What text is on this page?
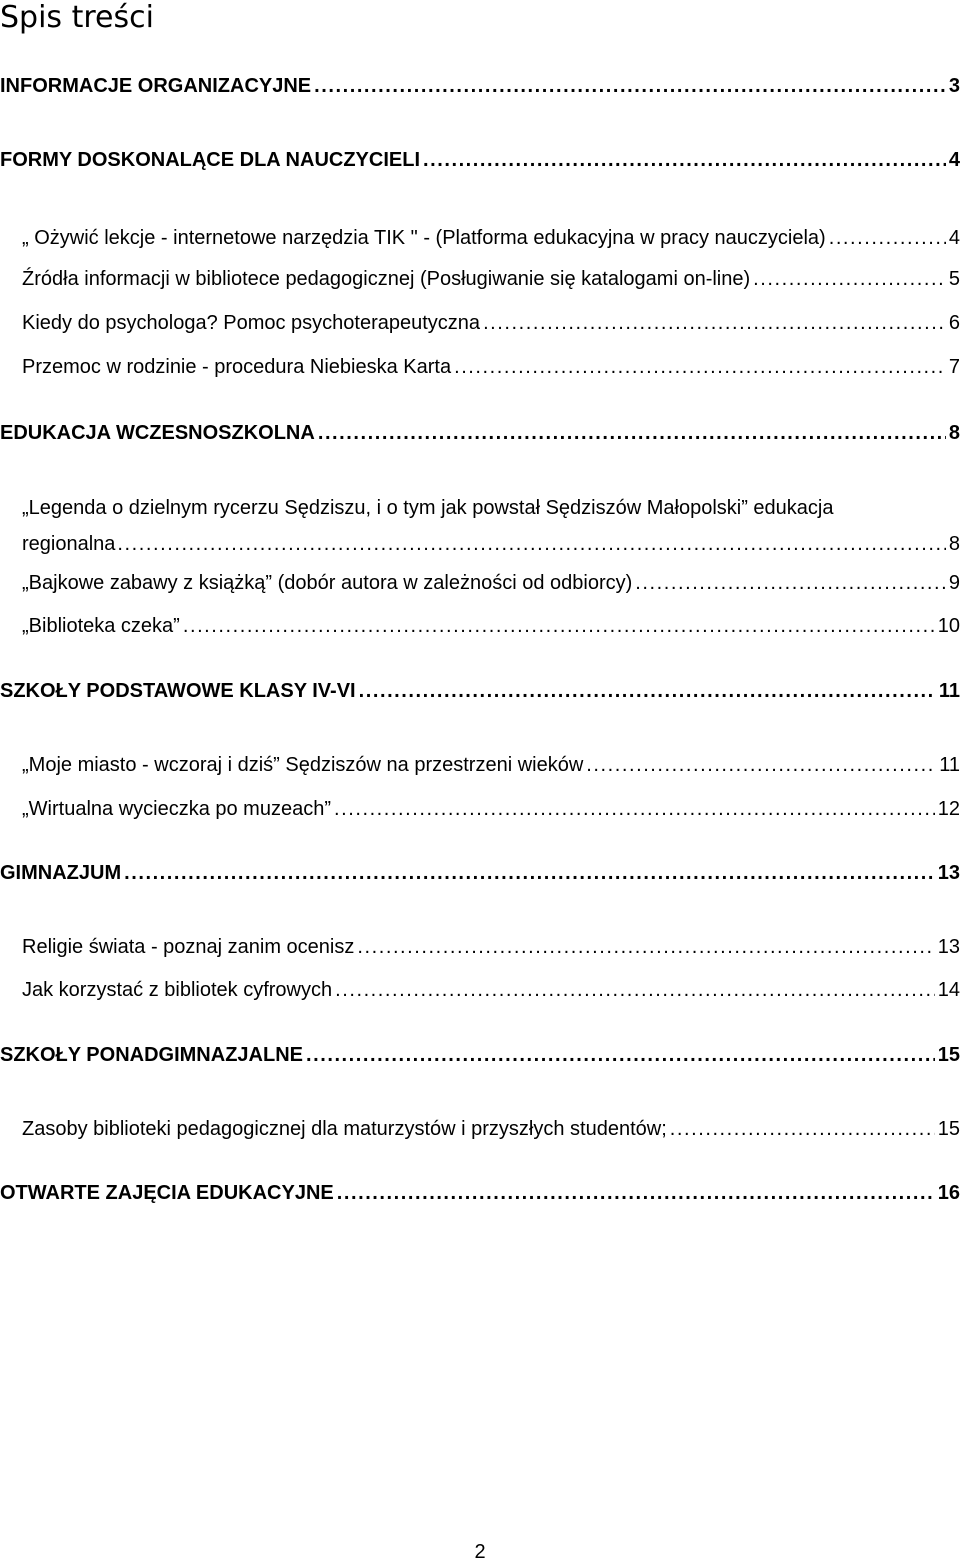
Spis treści
INFORMACJE ORGANIZACYJNE . . .	3
FORMY DOSKONALĄCE DLA NAUCZYCIELI . . .	4
„ Ożywić lekcje - internetowe narzędzia TIK " - (Platforma edukacyjna w pracy nauczyciela) . . .	4
Źródła informacji w bibliotece pedagogicznej (Posługiwanie się katalogami on-line) . . .	5
Kiedy do psychologa? Pomoc psychoterapeutyczna . . .	6
Przemoc w rodzinie - procedura Niebieska Karta . . .	7
EDUKACJA WCZESNOSZKOLNA . . .	8
„Legenda o dzielnym rycerzu Sędziszu, i o tym jak powstał Sędziszów Małopolski” edukacja
regionalna . . .	8
„Bajkowe zabawy z książką” (dobór autora w zależności od odbiorcy) . . .	9
„Biblioteka czeka” . . .	10
SZKOŁY PODSTAWOWE KLASY IV-VI . . .	11
„Moje miasto - wczoraj i dziś” Sędziszów na przestrzeni wieków . . .	11
„Wirtualna wycieczka po muzeach” . . .	12
GIMNAZJUM . . .	13
Religie świata - poznaj zanim ocenisz . . .	13
Jak korzystać z bibliotek cyfrowych . . .	14
SZKOŁY PONADGIMNAZJALNE . . .	15
Zasoby biblioteki pedagogicznej dla maturzystów i przyszłych studentów; . . .	15
OTWARTE ZAJĘCIA EDUKACYJNE . . .	16
2
